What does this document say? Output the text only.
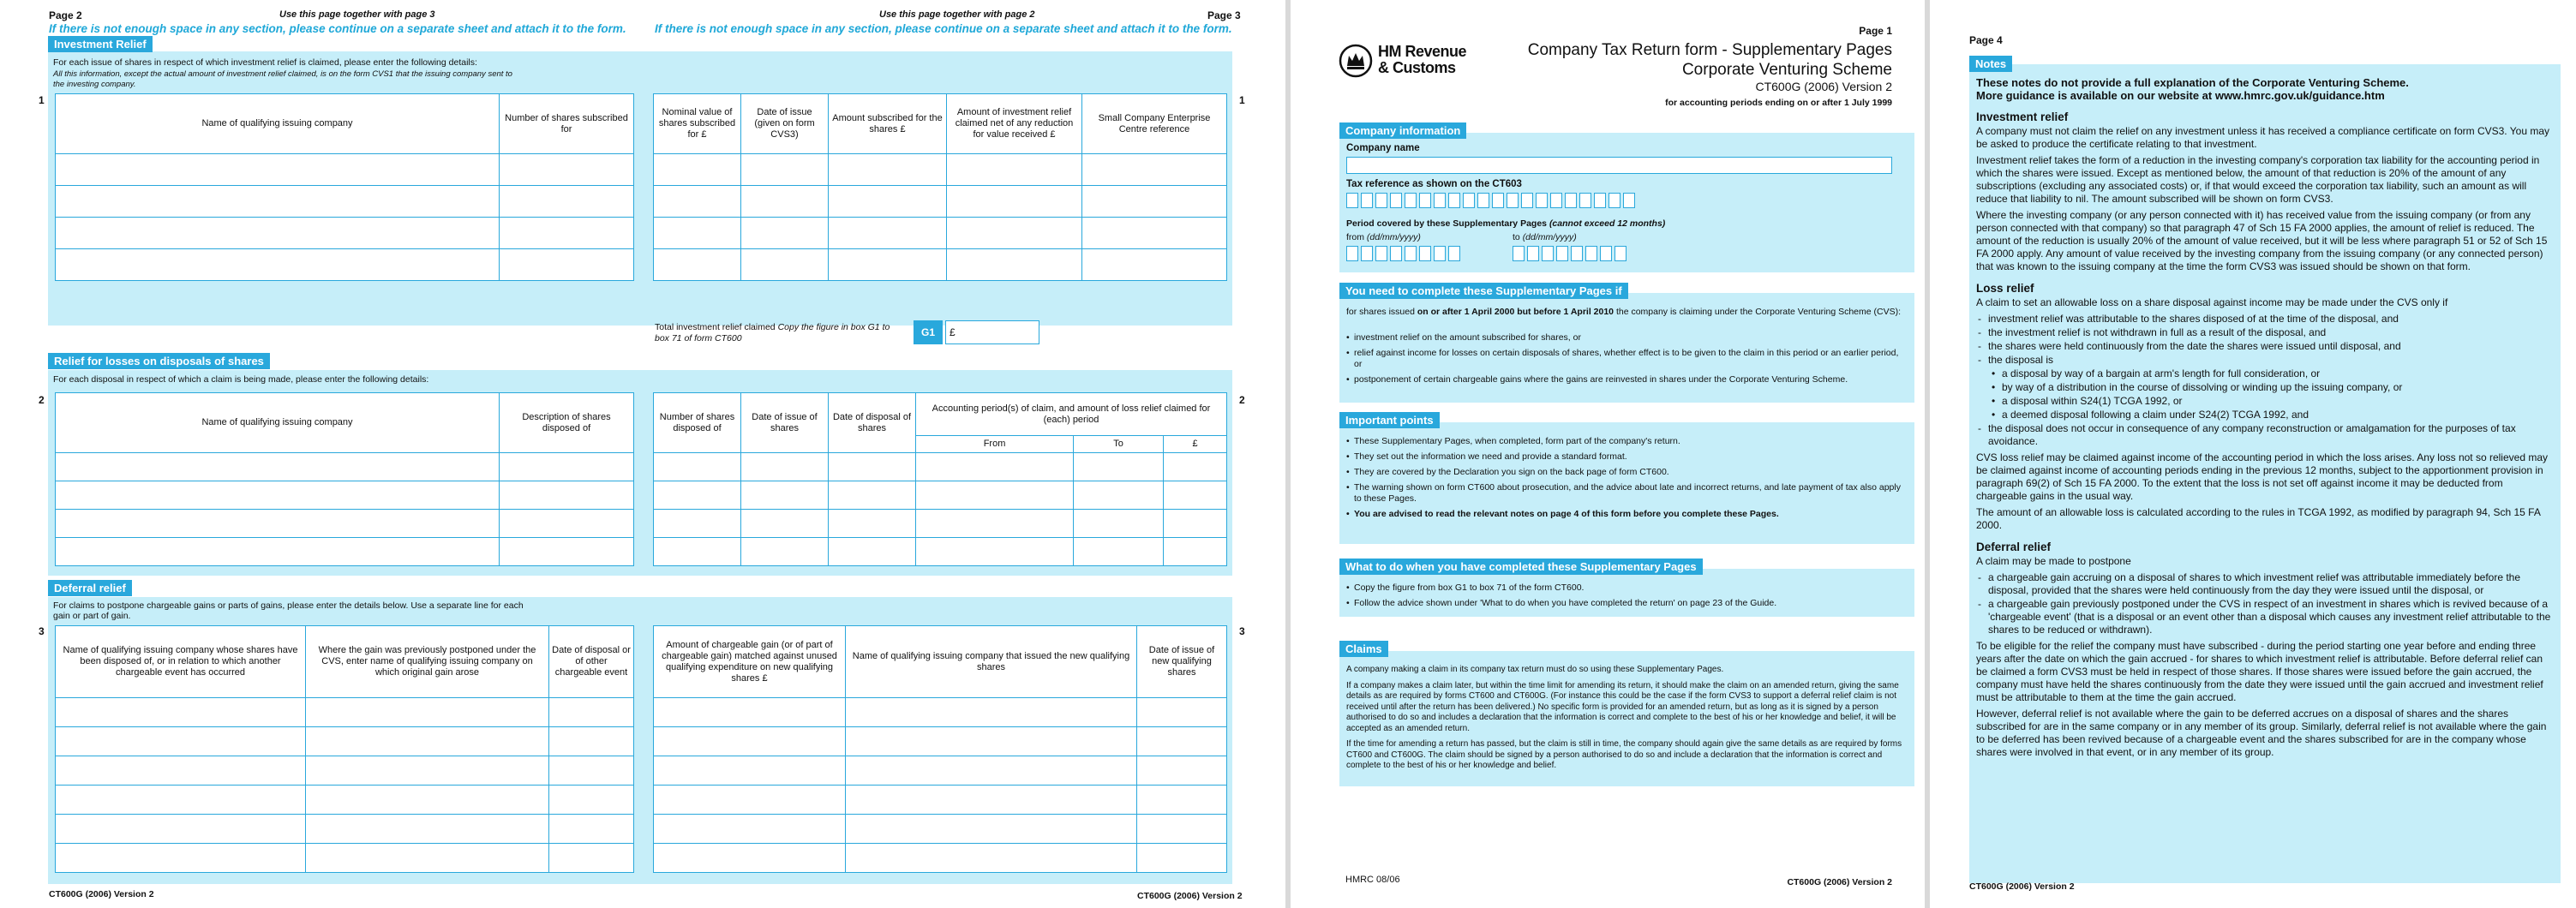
Page 2	Use this page together with page 3	Use this page together with page 2	Page 3
If there is not enough space in any section, please continue on a separate sheet and attach it to the form. If there is not enough space in any section, please continue on a separate sheet and attach it to the form.
Investment Relief
For each issue of shares in respect of which investment relief is claimed, please enter the following details:
All this information, except the actual amount of investment relief claimed, is on the form CVS1 that the issuing company sent to
the investing company.
Name of qualifying issuing company	Number of shares subscribed for

Nominal value of shares subscribed for £	Date of issue (given on form CVS3)	Amount subscribed for the shares £	Amount of investment relief claimed net of any reduction for value received £	Small Company Enterprise Centre reference

Total investment relief claimed Copy the figure in box G1 to box 71 of form CT600	G1	£
1	1
Relief for losses on disposals of shares
For each disposal in respect of which a claim is being made, please enter the following details:
Name of qualifying issuing company	Description of shares disposed of

Number of shares disposed of	Date of issue of shares	Date of disposal of shares	Accounting period(s) of claim, and amount of loss relief claimed for (each) period		
			From	To	£

2	2
Deferral relief
For claims to postpone chargeable gains or parts of gains, please enter the details below. Use a separate line for each
gain or part of gain.
Name of qualifying issuing company whose shares have been disposed of, or in relation to which another chargeable event has occurred	Where the gain was previously postponed under the CVS, enter name of qualifying issuing company on which original gain arose	Date of disposal or of other chargeable event

Amount of chargeable gain (or of part of chargeable gain) matched against unused qualifying expenditure on new qualifying shares £	Name of qualifying issuing company that issued the new qualifying shares	Date of issue of new qualifying shares

3	3
CT600G (2006) Version 2	CT600G (2006) Version 2
HM Revenue
& Customs
Page 1
Company Tax Return form - Supplementary Pages
Corporate Venturing Scheme
CT600G (2006) Version 2
for accounting periods ending on or after 1 July 1999
Company information
Company name
Tax reference as shown on the CT603
Period covered by these Supplementary Pages (cannot exceed 12 months)
from (dd/mm/yyyy)	to (dd/mm/yyyy)
You need to complete these Supplementary Pages if
for shares issued on or after 1 April 2000 but before 1 April 2010 the company is claiming under the Corporate Venturing Scheme (CVS):
• investment relief on the amount subscribed for shares, or
• relief against income for losses on certain disposals of shares, whether effect is to be given to the claim in this period or an earlier period, or
• postponement of certain chargeable gains where the gains are reinvested in shares under the Corporate Venturing Scheme.
Important points
• These Supplementary Pages, when completed, form part of the company's return.
• They set out the information we need and provide a standard format.
• They are covered by the Declaration you sign on the back page of form CT600.
• The warning shown on form CT600 about prosecution, and the advice about late and incorrect returns, and late payment of tax also apply to these Pages.
• You are advised to read the relevant notes on page 4 of this form before you complete these Pages.
What to do when you have completed these Supplementary Pages
• Copy the figure from box G1 to box 71 of the form CT600.
• Follow the advice shown under 'What to do when you have completed the return' on page 23 of the Guide.
Claims

A company making a claim in its company tax return must do so using these Supplementary Pages.

If a company makes a claim later, but within the time limit for amending its return, it should make the claim on an amended return, giving the same details as are required by forms CT600 and CT600G. (For instance this could be the case if the form CVS3 to support a deferral relief claim is not received until after the return has been delivered.) No specific form is provided for an amended return, but as long as it is signed by a person authorised to do so and includes a declaration that the information is correct and complete to the best of his or her knowledge and belief, it will be accepted as an amended return.

If the time for amending a return has passed, but the claim is still in time, the company should again give the same details as are required by forms CT600 and CT600G. The claim should be signed by a person authorised to do so and include a declaration that the information is correct and complete to the best of his or her knowledge and belief.

HMRC 08/06	CT600G (2006) Version 2
Page 4
Notes

These notes do not provide a full explanation of the Corporate Venturing Scheme.

More guidance is available on our website at www.hmrc.gov.uk/guidance.htm

Investment relief

A company must not claim the relief on any investment unless it has received a compliance certificate on form CVS3. You may be asked to produce the certificate relating to that investment.

Investment relief takes the form of a reduction in the investing company's corporation tax liability for the accounting period in which the shares were issued. Except as mentioned below, the amount of that reduction is 20% of the amount of any subscriptions (excluding any associated costs) or, if that would exceed the corporation tax liability, such an amount as will reduce that liability to nil. The amount subscribed will be shown on form CVS3.

Where the investing company (or any person connected with it) has received value from the issuing company (or from any person connected with that company) so that paragraph 47 of Sch 15 FA 2000 applies, the amount of relief is reduced. The amount of the reduction is usually 20% of the amount of value received, but it will be less where paragraph 51 or 52 of Sch 15 FA 2000 apply. Any amount of value received by the investing company from the issuing company (or any connected person) that was known to the issuing company at the time the form CVS3 was issued should be shown on that form.

Loss relief

A claim to set an allowable loss on a share disposal against income may be made under the CVS only if

- investment relief was attributable to the shares disposed of at the time of the disposal, and
- the investment relief is not withdrawn in full as a result of the disposal, and
- the shares were held continuously from the date the shares were issued until disposal, and
- the disposal is
• a disposal by way of a bargain at arm's length for full consideration, or
• by way of a distribution in the course of dissolving or winding up the issuing company, or
• a disposal within S24(1) TCGA 1992, or
• a deemed disposal following a claim under S24(2) TCGA 1992, and
- the disposal does not occur in consequence of any company reconstruction or amalgamation for the purposes of tax avoidance.

CVS loss relief may be claimed against income of the accounting period in which the loss arises. Any loss not so relieved may be claimed against income of accounting periods ending in the previous 12 months, subject to the apportionment provision in paragraph 69(2) of Sch 15 FA 2000. To the extent that the loss is not set off against income it may be deducted from chargeable gains in the usual way.

The amount of an allowable loss is calculated according to the rules in TCGA 1992, as modified by paragraph 94, Sch 15 FA 2000.

Deferral relief

A claim may be made to postpone

- a chargeable gain accruing on a disposal of shares to which investment relief was attributable immediately before the disposal, provided that the shares were held continuously from the day they were issued until the disposal, or
- a chargeable gain previously postponed under the CVS in respect of an investment in shares which is revived because of a 'chargeable event' (that is a disposal or an event other than a disposal which causes any investment relief attributable to the shares to be reduced or withdrawn).

To be eligible for the relief the company must have subscribed - during the period starting one year before and ending three years after the date on which the gain accrued - for shares to which investment relief is attributable. Before deferral relief can be claimed a form CVS3 must be held in respect of those shares. If those shares were issued before the gain accrued, the company must have held the shares continuously from the date they were issued until the gain accrued and investment relief must be attributable to them at the time the gain accrued.

However, deferral relief is not available where the gain to be deferred accrues on a disposal of shares and the shares subscribed for are in the same company or in any member of its group. Similarly, deferral relief is not available where the gain to be deferred has been revived because of a chargeable event and the shares subscribed for are in the company whose shares were involved in that event, or in any member of its group.

CT600G (2006) Version 2
